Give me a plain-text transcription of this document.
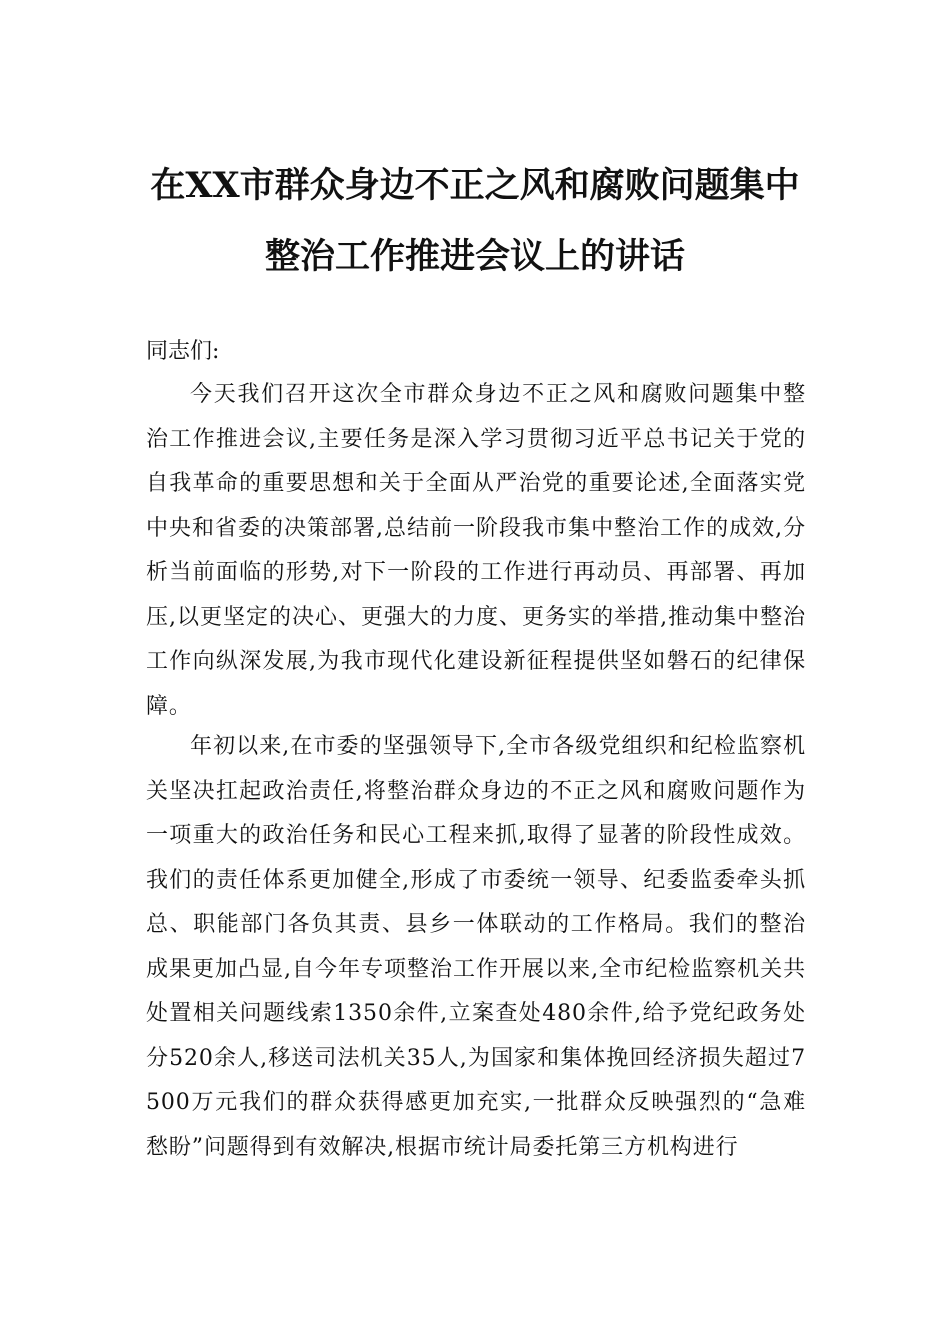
在XX市群众身边不正之风和腐败问题集中
整治工作推进会议上的讲话
同志们:
今天我们召开这次全市群众身边不正之风和腐败问题集中整治工作推进会议,主要任务是深入学习贯彻习近平总书记关于党的自我革命的重要思想和关于全面从严治党的重要论述,全面落实党中央和省委的决策部署,总结前一阶段我市集中整治工作的成效,分析当前面临的形势,对下一阶段的工作进行再动员、再部署、再加压,以更坚定的决心、更强大的力度、更务实的举措,推动集中整治工作向纵深发展,为我市现代化建设新征程提供坚如磐石的纪律保障。
年初以来,在市委的坚强领导下,全市各级党组织和纪检监察机关坚决扛起政治责任,将整治群众身边的不正之风和腐败问题作为一项重大的政治任务和民心工程来抓,取得了显著的阶段性成效。我们的责任体系更加健全,形成了市委统一领导、纪委监委牵头抓总、职能部门各负其责、县乡一体联动的工作格局。我们的整治成果更加凸显,自今年专项整治工作开展以来,全市纪检监察机关共处置相关问题线索1350余件,立案查处480余件,给予党纪政务处分520余人,移送司法机关35人,为国家和集体挽回经济损失超过7500万元我们的群众获得感更加充实,一批群众反映强烈的“急难愁盼”问题得到有效解决,根据市统计局委托第三方机构进行
